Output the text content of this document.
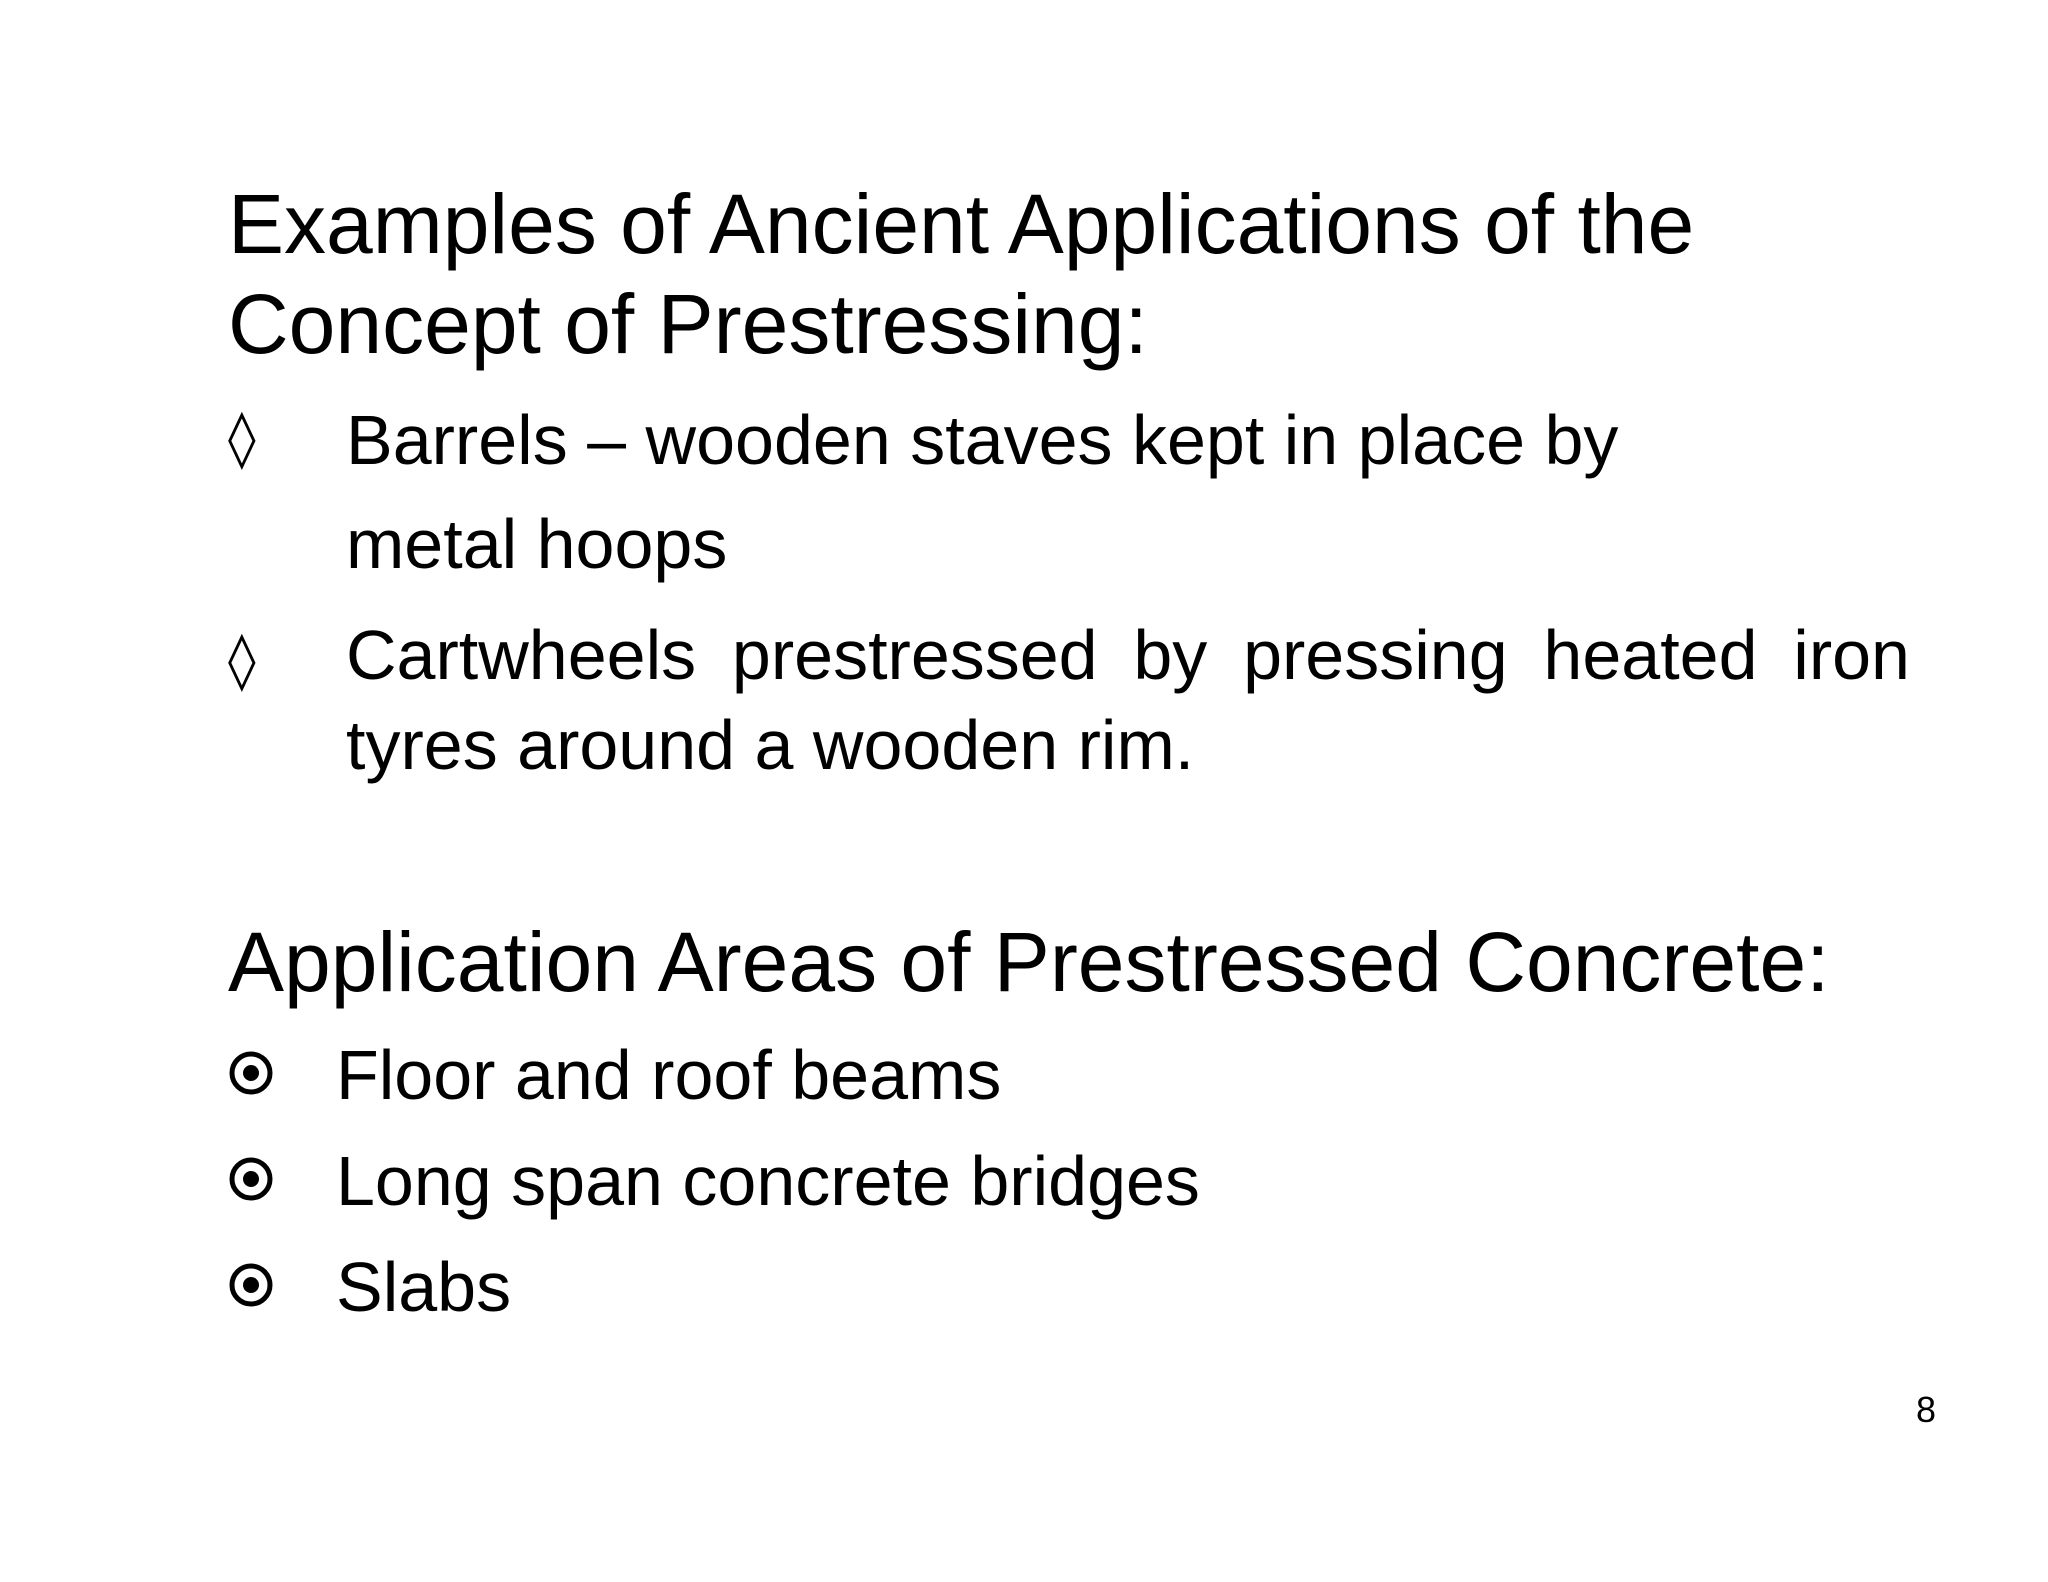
Examples of Ancient Applications of the
Concept of Prestressing:
◊	Barrels – wooden staves kept in place by
metal hoops
◊	Cartwheels prestressed by pressing heated iron tyres around a wooden rim.
Application Areas of Prestressed Concrete:
Floor and roof beams
Long span concrete bridges
Slabs
8
